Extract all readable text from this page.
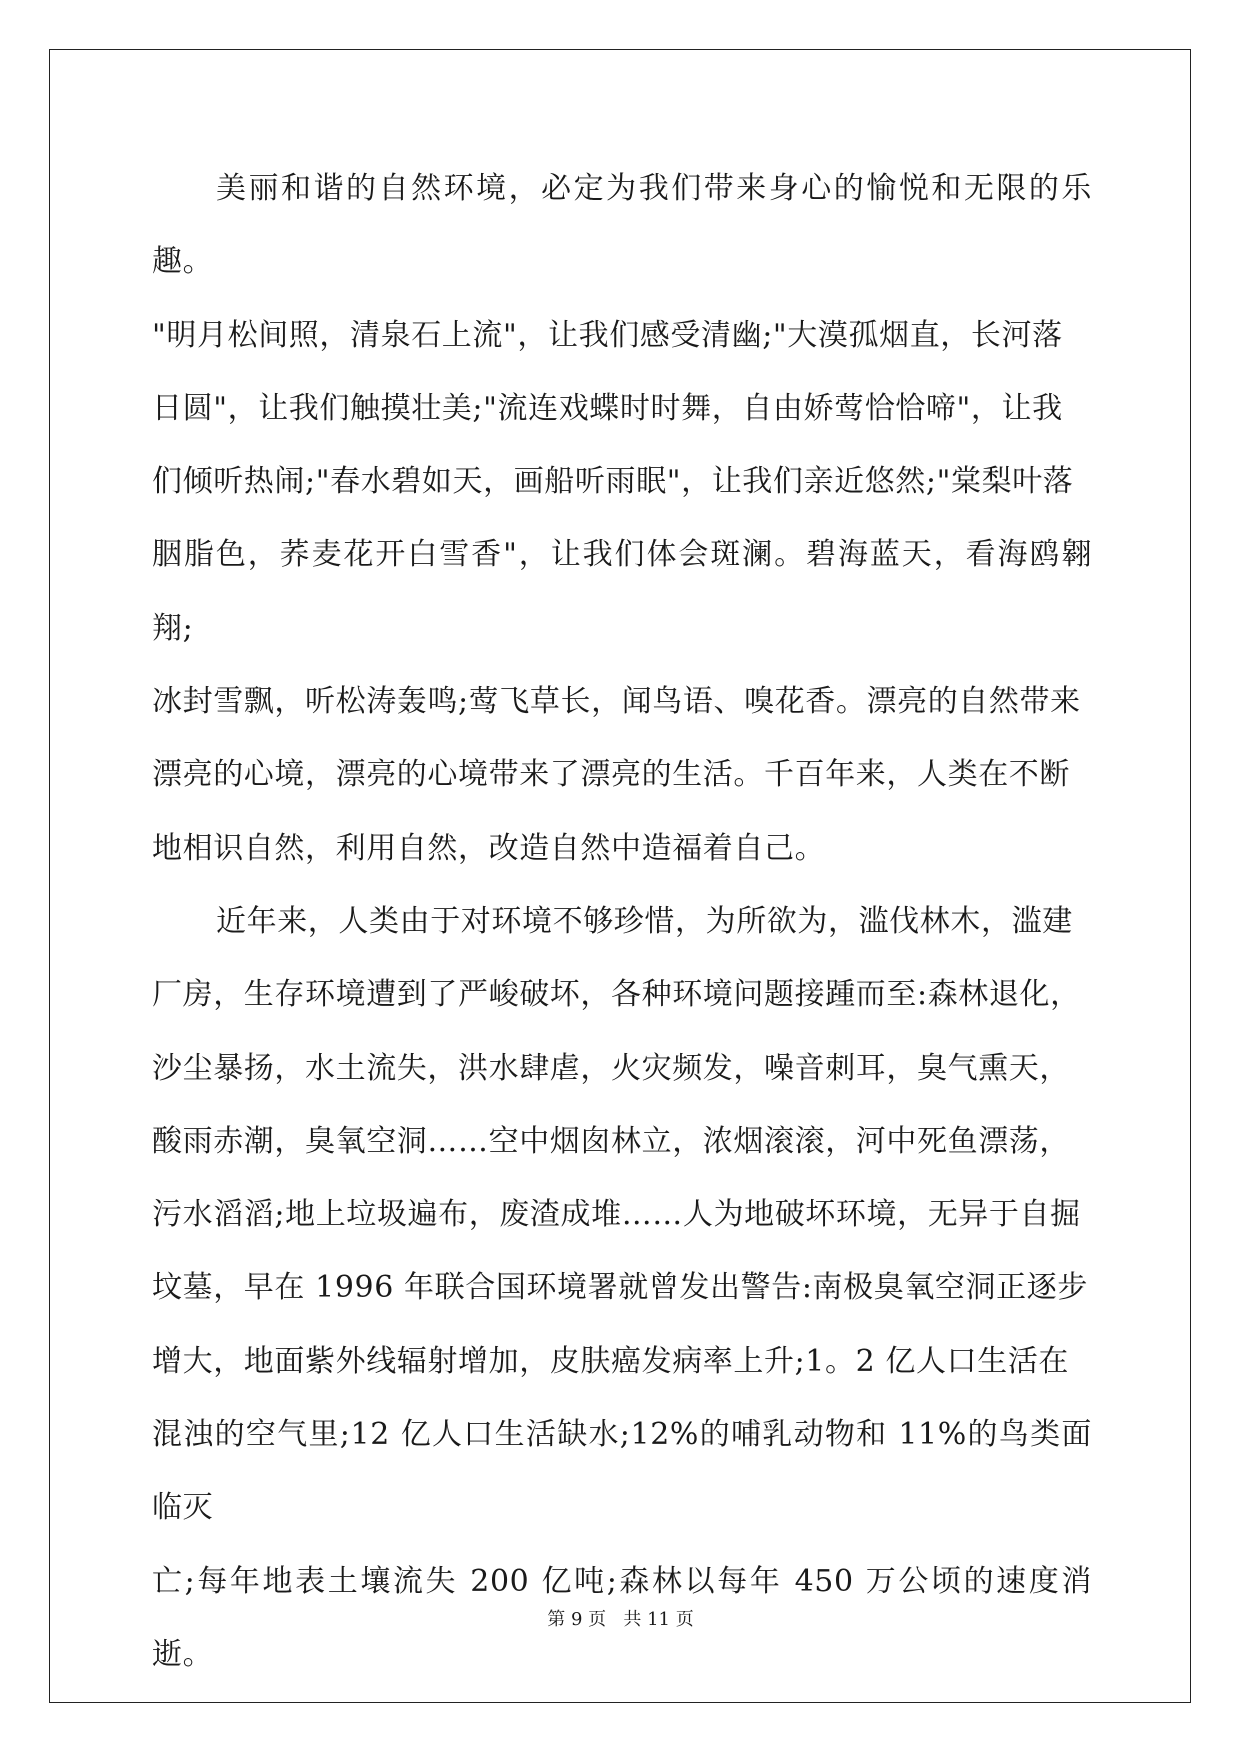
美丽和谐的自然环境，必定为我们带来身心的愉悦和无限的乐趣。
"明月松间照，清泉石上流"，让我们感受清幽;"大漠孤烟直，长河落
日圆"，让我们触摸壮美;"流连戏蝶时时舞，自由娇莺恰恰啼"，让我
们倾听热闹;"春水碧如天，画船听雨眠"，让我们亲近悠然;"棠梨叶落
胭脂色，荞麦花开白雪香"，让我们体会斑澜。碧海蓝天，看海鸥翱翔;
冰封雪飘，听松涛轰鸣;莺飞草长，闻鸟语、嗅花香。漂亮的自然带来
漂亮的心境，漂亮的心境带来了漂亮的生活。千百年来，人类在不断
地相识自然，利用自然，改造自然中造福着自己。

近年来，人类由于对环境不够珍惜，为所欲为，滥伐林木，滥建
厂房，生存环境遭到了严峻破坏，各种环境问题接踵而至:森林退化，
沙尘暴扬，水土流失，洪水肆虐，火灾频发，噪音刺耳，臭气熏天，
酸雨赤潮，臭氧空洞……空中烟囱林立，浓烟滚滚，河中死鱼漂荡，
污水滔滔;地上垃圾遍布，废渣成堆……人为地破坏环境，无异于自掘
坟墓，早在 1996 年联合国环境署就曾发出警告:南极臭氧空洞正逐步
增大，地面紫外线辐射增加，皮肤癌发病率上升;1。2 亿人口生活在
混浊的空气里;12 亿人口生活缺水;12%的哺乳动物和 11%的鸟类面临灭
亡;每年地表土壤流失 200 亿吨;森林以每年 450 万公顷的速度消逝。

第 9 页   共 11 页
